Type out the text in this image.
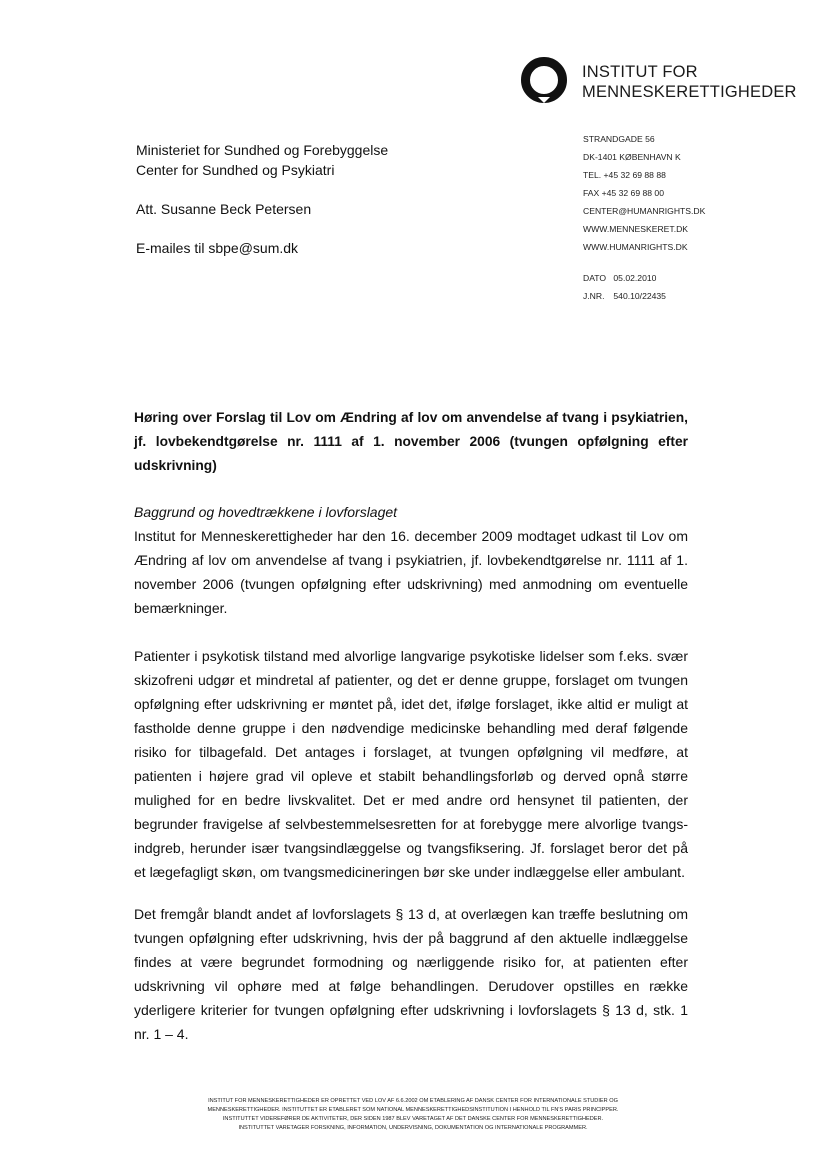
INSTITUT FOR
MENNESKERETTIGHEDER
Ministeriet for Sundhed og Forebyggelse
Center for Sundhed og Psykiatri
Att. Susanne Beck Petersen
E-mailes til sbpe@sum.dk
STRANDGADE 56
DK-1401 KØBENHAVN K
TEL. +45 32 69 88 88
FAX +45 32 69 88 00
CENTER@HUMANRIGHTS.DK
WWW.MENNESKERET.DK
WWW.HUMANRIGHTS.DK
DATO 05.02.2010
J.NR. 540.10/22435
Høring over Forslag til Lov om Ændring af lov om anvendelse af tvang i psykiatrien, jf. lovbekendtgørelse nr. 1111 af 1. november 2006 (tvungen opfølgning efter udskrivning)
Baggrund og hovedtrækkene i lovforslaget
Institut for Menneskerettigheder har den 16. december 2009 modtaget udkast til Lov om Ændring af lov om anvendelse af tvang i psykiatrien, jf. lovbekendtgørelse nr. 1111 af 1. november 2006 (tvungen opfølgning efter udskrivning) med anmodning om eventuelle bemærkninger.
Patienter i psykotisk tilstand med alvorlige langvarige psykotiske lidelser som f.eks. svær skizofreni udgør et mindretal af patienter, og det er denne gruppe, forslaget om tvungen opfølgning efter udskrivning er møntet på, idet det, ifølge forslaget, ikke altid er muligt at fastholde denne gruppe i den nødvendige medicinske behandling med deraf følgende risiko for tilbagefald. Det antages i forslaget, at tvungen opfølgning vil medføre, at patienten i højere grad vil opleve et stabilt behandlingsforløb og derved opnå større mulighed for en bedre livskvalitet. Det er med andre ord hensynet til patienten, der begrunder fravigelse af selvbestemmelsesretten for at forebygge mere alvorlige tvangs-indgreb, herunder især tvangsindlæggelse og tvangsfiksering. Jf. forslaget beror det på et lægefagligt skøn, om tvangsmedicineringen bør ske under indlæggelse eller ambulant.
Det fremgår blandt andet af lovforslagets § 13 d, at overlægen kan træffe beslutning om tvungen opfølgning efter udskrivning, hvis der på baggrund af den aktuelle indlæggelse findes at være begrundet formodning og nærliggende risiko for, at patienten efter udskrivning vil ophøre med at følge behandlingen. Derudover opstilles en række yderligere kriterier for tvungen opfølgning efter udskrivning i lovforslagets § 13 d, stk. 1 nr. 1 – 4.
INSTITUT FOR MENNESKERETTIGHEDER ER OPRETTET VED LOV AF 6.6.2002 OM ETABLERING AF DANSK CENTER FOR INTERNATIONALE STUDIER OG
MENNESKERETTIGHEDER. INSTITUTTET ER ETABLERET SOM NATIONAL MENNESKERETTIGHEDSINSTITUTION I HENHOLD TIL FN'S PARIS PRINCIPPER.
INSTITUTTET VIDEREFØRER DE AKTIVITETER, DER SIDEN 1987 BLEV VARETAGET AF DET DANSKE CENTER FOR MENNESKERETTIGHEDER.
INSTITUTTET VARETAGER FORSKNING, INFORMATION, UNDERVISNING, DOKUMENTATION OG INTERNATIONALE PROGRAMMER.
